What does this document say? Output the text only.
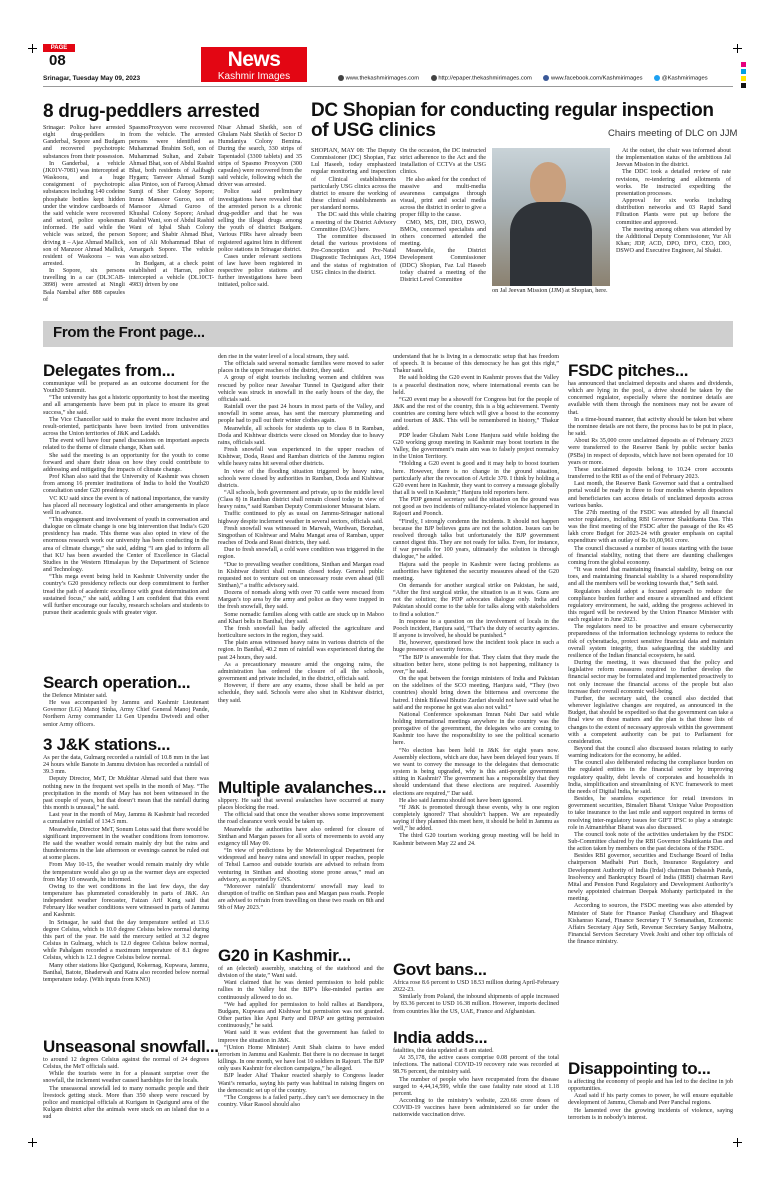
PAGE
08	News
Kashmir Images
Srinagar, Tuesday May 09, 2023	www.thekashmirimages.com	http://epaper.thekashmirimages.com	www.facebook.com/Kashmirimages	@Kashmirimages
8 drug-peddlers arrested

Srinagar: Police have arrested eight drug-peddlers in Ganderbal, Sopore and Budgam and recovered psychotropic substances from their possession.

In Ganderbal, a vehicle (JK01V-7081) was intercepted at Waskoora, and a huge consignment of psychotropic substances including 140 codeine phosphate bottles kept hidden under the window cardboards of the said vehicle were recovered and seized, police spokesman informed. He said while the vehicle was seized, the person driving it – Ajaz Ahmad Mallick, son of Manzoor Ahmad Mallick, resident of Waskoora – was arrested.

In Sopore, six persons travelling in a car (DL3CAB-3898) were arrested at Ningli Bala Nambal after 888 capsules of

SpasmoProxyvon were recovered from the vehicle. The arrested persons were identified as Muhammad Ibrahim Sofi, son of Muhammad Sultan, and Zubair Ahmad Bhat, son of Abdul Rashid Bhat, both residents of Aalibagh Hygam; Tanveer Ahmad Sumji alias Pintoo, son of Farooq Ahmad Sumji of Sher Colony Sopore; Imran Mansoor Guroo, son of Mansoor Ahmad Guroo of Khushal Colony Sopore; Arshad Rashid Wani, son of Abdul Rashid Wani of Iqbal Shah Colony Sopore; and Shabir Ahmad Bhat, son of Ali Mohammad Bhat of Amargarh Sopore. The vehicle was also seized.

In Budgam, at a check point established at Harran, police intercepted a vehicle (DL10CT-4983) driven by one

Nisar Ahmad Sheikh, son of Ghulam Nabi Sheikh of Sector D Humdaniya Colony Bemina. During the search, 330 strips of Tapentadol (3300 tablets) and 35 strips of Spasmo Proxyvon (300 capsules) were recovered from the said vehicle, following which the driver was arrested.

Police said preliminary investigations have revealed that the arrested person is a chronic drug-peddler and that he was selling the illegal drugs among the youth of district Budgam. Various FIRs have already been registered against him in different police stations in Srinagar district.

Cases under relevant sections of law have been registered in respective police stations and further investigations have been initiated, police said.

DC Shopian for conducting regular inspection of USG clinics	Chairs meeting of DLC on JJM

SHOPIAN, MAY 08: The Deputy Commissioner (DC) Shopian, Faz Lul Haseeb, today emphasized regular monitoring and inspection of Clinical establishments particularly USG clinics across the district to ensure the working of these clinical establishments as per standard norms.

The DC said this while chairing a meeting of the District Advisory Committee (DAC) here.

The committee discussed in detail the various provisions of Pre-Conception and Pre-Natal Diagnostic Techniques Act, 1994 and the status of registration of USG clinics in the district.

On the occasion, the DC instructed strict adherence to the Act and the installation of CCTVs at the USG clinics.

He also asked for the conduct of massive and multi-media awareness campaigns through visual, print and social media across the district in order to give a proper fillip to the cause.

CMO, MS, DH, DIO, DSWO, BMOs, concerned specialists and others concerned attended the meeting.

Meanwhile, the District Development Commissioner (DDC) Shopian, Faz Lul Haseeb today chaired a meeting of the District Level Committee

on Jal Jeevan Mission (JJM) at Shopian, here.

At the outset, the chair was informed about the implementation status of the ambitious Jal Jeevan Mission in the district.

The DDC took a detailed review of rate revisions, re-tendering and allotments of works. He instructed expediting the presentation processes.

Approval for six works including distribution networks and 03 Rapid Sand Filtration Plants were put up before the committee and approved.

The meeting among others was attended by the Additional Deputy Commissioner, Yur Ali Khan; JDP, ACD, DPO, DFO, CEO, DIO, DSWO and Executive Engineer, Jal Shakti.

From the Front page...
Delegates from...

communique will be prepared as an outcome document for the Youth20 Summit.

“The university has got a historic opportunity to host the meeting and all arrangements have been put in place to ensure its great success,” she said.

The Vice Chancellor said to make the event more inclusive and result-oriented, participants have been invited from universities across the Union territories of J&K and Ladakh.

The event will have four panel discussions on important aspects related to the theme of climate change, Khan said.

She said the meeting is an opportunity for the youth to come forward and share their ideas on how they could contribute to addressing and mitigating the impacts of climate change.

Prof Khan also said that the University of Kashmir was chosen from among 16 premier institutions of India to hold the Youth20 consultation under G20 presidency.

VC KU said since the event is of national importance, the varsity has placed all necessary logistical and other arrangements in place well in advance.

“This engagement and involvement of youth in conversation and dialogue on climate change is one big intervention that India’s G20 presidency has made. This theme was also opted in view of the enormous research work our university has been conducting in the area of climate change,” she said, adding “I am glad to inform all that KU has been awarded the Center of Excellence in Glacial Studies in the Western Himalayas by the Department of Science and Technology.

“This mega event being held in Kashmir University under the country’s G20 presidency reflects our deep commitment to further tread the path of academic excellence with great determination and sustained focus,” she said, adding I am confident that this event will further encourage our faculty, research scholars and students to pursue their academic goals with greater vigor.

Search operation...

the Defence Minister said.

He was accompanied by Jammu and Kashmir Lieutenant Governor (LG) Manoj Sinha, Army Chief General Manoj Pande, Northern Army commander Lt Gen Upendra Dwivedi and other senior Army officers.

3 J&K stations...

As per the data, Gulmarg recorded a rainfall of 10.8 mm in the last 24 hours while Banote in Jammu division has recorded a rainfall of 39.3 mm.

Deputy Director, MeT, Dr Mukhtar Ahmad said that there was nothing new in the frequent wet spells in the month of May. “The precipitation in the month of May has not been witnessed in the past couple of years, but that doesn’t mean that the rainfall during this month is unusual,” he said.

Last year in the month of May, Jammu & Kashmir had recorded a cumulative rainfall of 134.5 mm.

Meanwhile, Director MeT, Sonum Lotus said that there would be significant improvement in the weather conditions from tomorrow. He said the weather would remain mainly dry but the rains and thunderstorms in the late afternoon or evenings cannot be ruled out at some places.

From May 10-15, the weather would remain mainly dry while the temperature would also go up as the warmer days are expected from May 10 onwards, he informed.

Owing to the wet conditions in the last few days, the day temperature has plummeted considerably in parts of J&K. An independent weather forecaster, Faizan Arif Keng said that February like weather conditions were witnessed in parts of Jammu and Kashmir.

In Srinagar, he said that the day temperature settled at 13.6 degree Celsius, which is 10.0 degree Celsius below normal during this part of the year. He said the mercury settled at 3.2 degree Celsius in Gulmarg, which is 12.0 degree Celsius below normal, while Pahalgam recorded a maximum temperature of 8.1 degree Celsius, which is 12.1 degree Celsius below normal.

Many other stations like Qazigund, Kokernag, Kupwara, Jammu, Banihal, Batote, Bhaderwah and Katra also recorded below normal temperature today. (With inputs from KNO)

Unseasonal snowfall...

to around 12 degrees Celsius against the normal of 24 degrees Celsius, the MeT officials said.

While the tourists were in for a pleasant surprise over the snowfall, the inclement weather caused hardships for the locals.

The unseasonal snowfall led to many nomadic people and their livestock getting stuck. More than 350 sheep were rescued by police and municipal officials at Kurigam in Qazigund area of the Kulgam district after the animals were stuck on an island due to a sud

den rise in the water level of a local stream, they said.

The officials said several nomadic families were moved to safer places in the upper reaches of the district, they said.

A group of eight tourists including women and children was rescued by police near Jawahar Tunnel in Qazigund after their vehicle was struck in snowfall in the early hours of the day, the officials said.

Rainfall over the past 24 hours in most parts of the Valley, and snowfall in some areas, has sent the mercury plummeting and people had to pull out their winter clothes again.

Meanwhile, all schools for students up to class 8 in Ramban, Doda and Kishtwar districts were closed on Monday due to heavy rains, officials said.

Fresh snowfall was experienced in the upper reaches of Kishtwar, Doda, Reasi and Ramban districts of the Jammu region while heavy rains hit several other districts.

In view of the flooding situation triggered by heavy rains, schools were closed by authorities in Ramban, Doda and Kishtwar districts.

“All schools, both government and private, up to the middle level (Class 8) in Ramban district shall remain closed today in view of heavy rains,” said Ramban Deputy Commissioner Mussarat Islam.

Traffic continued to ply as usual on Jammu-Srinagar national highway despite inclement weather in several sectors, officials said.

Fresh snowfall was witnessed in Marwah, Wardwan, Bonzhan, Singpothan of Kishtwar and Mahu Mangat area of Ramban, upper reaches of Doda and Reasi districts, they said.

Due to fresh snowfall, a cold wave condition was triggered in the region.

“Due to prevailing weather conditions, Sinthan and Margan road in Kishtwar district shall remain closed today. General public requested not to venture out on unnecessary route even ahead (till Sinthan),” a traffic advisory said.

Dozens of nomads along with over 70 cattle were rescued from Margan’s top area by the army and police as they were trapped in the fresh snowfall, they said.

Some nomadic families along with cattle are stuck up in Maboo and Khari belts in Banihal, they said.

The fresh snowfall has badly affected the agriculture and horticulture sectors in the region, they said.

The plain areas witnessed heavy rains in various districts of the region. In Banihal, 40.2 mm of rainfall was experienced during the past 24 hours, they said.

As a precautionary measure amid the ongoing rains, the administration has ordered the closure of all the schools, government and private included, in the district, officials said.

However, if there are any exams, those shall be held as per schedule, they said. Schools were also shut in Kishtwar district, they said.

Multiple avalanches...

slippery. He said that several avalanches have occurred at many places blocking the road.

The official said that once the weather shows some improvement the road clearance work would be taken up.

Meanwhile the authorities have also ordered for closure of Sinthan and Margan passes for all sorts of movements to avoid any exigency till May 09.

“In view of predictions by the Meteorological Department for widespread and heavy rains and snowfall in upper reaches, people of Tehsil Larnoo and outside tourists are advised to refrain from venturing in Sinthan and shooting stone prone areas,” read an advisory, as reported by GNS.

“Moreover rainfall/ thunderstorm/ snowfall may lead to disruption of traffic on Sinthan pass and Margan pass roads. People are advised to refrain from travelling on these two roads on 8th and 9th of May 2023.”

G20 in Kashmir...

of an (elected) assembly, snatching of the statehood and the division of the state,” Wani said.

Wani claimed that he was denied permission to hold public rallies in the Valley but the BJP’s like-minded parties are continuously allowed to do so.

“We had applied for permission to hold rallies at Bandipora, Budgam, Kupwara and Kishtwar but permission was not granted. Other parties like Apni Party and DPAP are getting permission continuously,” he said.

Wani said it was evident that the government has failed to improve the situation in J&K.

“(Union Home Minister) Amit Shah claims to have ended terrorism in Jammu and Kashmir. But there is no decrease in target killings. In one month, we have lost 10 soldiers in Rajouri. The BJP only uses Kashmir for election campaigns,” he alleged.

BJP leader Altaf Thakur reacted sharply to Congress leader Wani’s remarks, saying his party was habitual in raising fingers on the democratic set up of the country.

“The Congress is a failed party...they can’t see democracy in the country. Vikar Rasool should also

understand that he is living in a democratic setup that has freedom of speech. It is because of this democracy he has got this right,” Thakur said.

He said holding the G20 event in Kashmir proves that the Valley is a peaceful destination now, where international events can be held.

“G20 event may be a showoff for Congress but for the people of J&K and the rest of the country, this is a big achievement. Twenty countries are coming here which will give a boost to the economy and tourism of J&K. This will be remembered in history,” Thakur added.

PDP leader Ghulam Nabi Lone Hanjura said while holding the G20 working group meeting in Kashmir may boost tourism in the Valley, the government’s main aim was to falsely project normalcy in the Union Territory.

“Holding a G20 event is good and it may help to boost tourism here. However, there is no change in the ground situation, particularly after the revocation of Article 370. I think by holding a G20 event here in Kashmir, they want to convey a message globally that all is well in Kashmir,” Hanjura told reporters here.

The PDP general secretary said the situation on the ground was not good as two incidents of militancy-related violence happened in Rajouri and Poonch.

“Firstly, I strongly condemn the incidents. It should not happen because the BJP believes guns are not the solution. Issues can be resolved through talks but unfortunately the BJP government cannot digest this. They are not ready for talks. Even, for instance, if war prevails for 100 years, ultimately the solution is through dialogue,” he added.

Hajura said the people in Kashmir were facing problems as authorities have tightened the security measures ahead of the G20 meeting.

On demands for another surgical strike on Pakistan, he said, “After the first surgical strike, the situation is as it was. Guns are not the solution; the PDP advocates dialogue only. India and Pakistan should come to the table for talks along with stakeholders to find a solution.”

In response to a question on the involvement of locals in the Pooch incident, Hanjura said, “That’s the duty of security agencies. If anyone is involved, he should be punished.”

He, however, questioned how the incident took place in such a huge presence of security forces.

“The BJP is answerable for that. They claim that they made the situation better here, stone pelting is not happening, militancy is over,” he said.

On the spat between the foreign ministers of India and Pakistan on the sidelines of the SCO meeting, Hanjura said, “They (two countries) should bring down the bitterness and overcome the hatred. I think Bilawal Bhutto Zardari should not have said what he said and the response he got was also not valid.”

National Conference spokesman Imran Nabi Dar said while holding international meetings anywhere in the country was the prerogative of the government, the delegates who are coming to Kashmir too have the responsibility to see the political scenario here.

“No election has been held in J&K for eight years now. Assembly elections, which are due, have been delayed four years. If we want to convey the message to the delegates that democratic system is being upgraded, why is this anti-people government sitting in Kashmir? The government has a responsibility that they should understand that these elections are required. Assembly elections are required,” Dar said.

He also said Jammu should not have been ignored.

“If J&K is promoted through these events, why is one region completely ignored? That shouldn’t happen. We are repeatedly saying if they planned this meet here, it should be held in Jammu as well,” he added.

The third G20 tourism working group meeting will be held in Kashmir between May 22 and 24.

Govt bans...

Africa rose 8.6 percent to USD 18.53 million during April-February 2022-23.

Similarly from Poland, the inbound shipments of apple increased by 83.36 percent to USD 16.38 million. However, imports declined from countries like the US, UAE, France and Afghanistan.

India adds...

fatalities, the data updated at 8 am stated.

At 35,178, the active cases comprise 0.08 percent of the total infections. The national COVID-19 recovery rate was recorded at 98.76 percent, the ministry said.

The number of people who have recuperated from the disease surged to 4,44,14,599, while the case fatality rate stood at 1.18 percent.

According to the ministry’s website, 220.66 crore doses of COVID-19 vaccines have been administered so far under the nationwide vaccination drive.

FSDC pitches...

has announced that unclaimed deposits and shares and dividends, which are lying in the pool, a drive should be taken by the concerned regulator, especially where the nominee details are available with them through the nominees may not be aware of that.

In a time-bound manner, that activity should be taken but where the nominee details are not there, the process has to be put in place, he said.

About Rs 35,000 crore unclaimed deposits as of February 2023 were transferred to the Reserve Bank by public sector banks (PSBs) in respect of deposits, which have not been operated for 10 years or more.

These unclaimed deposits belong to 10.24 crore accounts transferred to the RBI as of the end of February 2023.

Last month, the Reserve Bank Governor said that a centralised portal would be ready in three to four months wherein depositors and beneficiaries can access details of unclaimed deposits across various banks.

The 27th meeting of the FSDC was attended by all financial sector regulators, including RBI Governor Shaktikanta Das. This was the first meeting of the FSDC after the passage of the Rs 45 lakh crore Budget for 2023-24 with greater emphasis on capital expenditure with an outlay of Rs 10,00,961 crore.

The council discussed a number of issues starting with the issue of financial stability, noting that there are daunting challenges coming from the global economy.

“It was noted that maintaining financial stability, being on our toes, and maintaining financial stability is a shared responsibility and all the members will be working towards that,” Seth said.

Regulators should adopt a focused approach to reduce the compliance burden further and ensure a streamlined and efficient regulatory environment, he said, adding the progress achieved in this regard will be reviewed by the Union Finance Minister with each regulator in June 2023.

The regulators need to be proactive and ensure cybersecurity preparedness of the information technology systems to reduce the risk of cyberattacks, protect sensitive financial data and maintain overall system integrity, thus safeguarding the stability and resilience of the Indian financial ecosystem, he said.

During the meeting, it was discussed that the policy and legislative reform measures required to further develop the financial sector may be formulated and implemented proactively to not only increase the financial access of the people but also increase their overall economic well-being.

Further, the secretary said, the council also decided that wherever legislative changes are required, as announced in the Budget, that should be expedited so that the government can take a final view on those matters and the plan is that those lists of changes to the extent of necessary approvals within the government with a competent authority can be put to Parliament for consideration.

Beyond that the council also discussed issues relating to early warning indicators for the economy, he added.

The council also deliberated reducing the compliance burden on the regulated entities in the financial sector by improving regulatory quality, debt levels of corporates and households in India, simplification and streamlining of KYC framework to meet the needs of Digital India, he said.

Besides, he seamless experience for retail investors in government securities, Bimalert Bharat 'Unique Value Proposition to take insurance to the last mile and support required in terms of resolving inter-regulatory issues for GIFT IFSC to play a strategic role in Atmanirbhar Bharat was also discussed.

The council took note of the activities undertaken by the FSDC Sub-Committee chaired by the RBI Governor Shaktikanta Das and the action taken by members on the past decisions of the FSDC.

Besides RBI governor, securities and Exchange Board of India chairperson Madhabi Puri Buch, Insurance Regulatory and Development Authority of India (Irdai) chairman Debasish Panda, Insolvency and Bankruptcy Board of India (IBBI) chairman Ravi Mital and Pension Fund Regulatory and Development Authority’s newly appointed chairman Deepak Mohanty participated in the meeting.

According to sources, the FSDC meeting was also attended by Minister of State for Finance Pankaj Chaudhary and Bhagwat Kishanrao Karad, Finance Secretary T V Somanathan, Economic Affairs Secretary Ajay Seth, Revenue Secretary Sanjay Malhotra, Financial Services Secretary Vivek Joshi and other top officials of the finance ministry.

Disappointing to...

is affecting the economy of people and has led to the decline in job opportunities.

Azad said if his party comes to power, he will ensure equitable development of Jammu, Chenab and Peer Panchal regions.

He lamented over the growing incidents of violence, saying terrorism is in nobody’s interest.
